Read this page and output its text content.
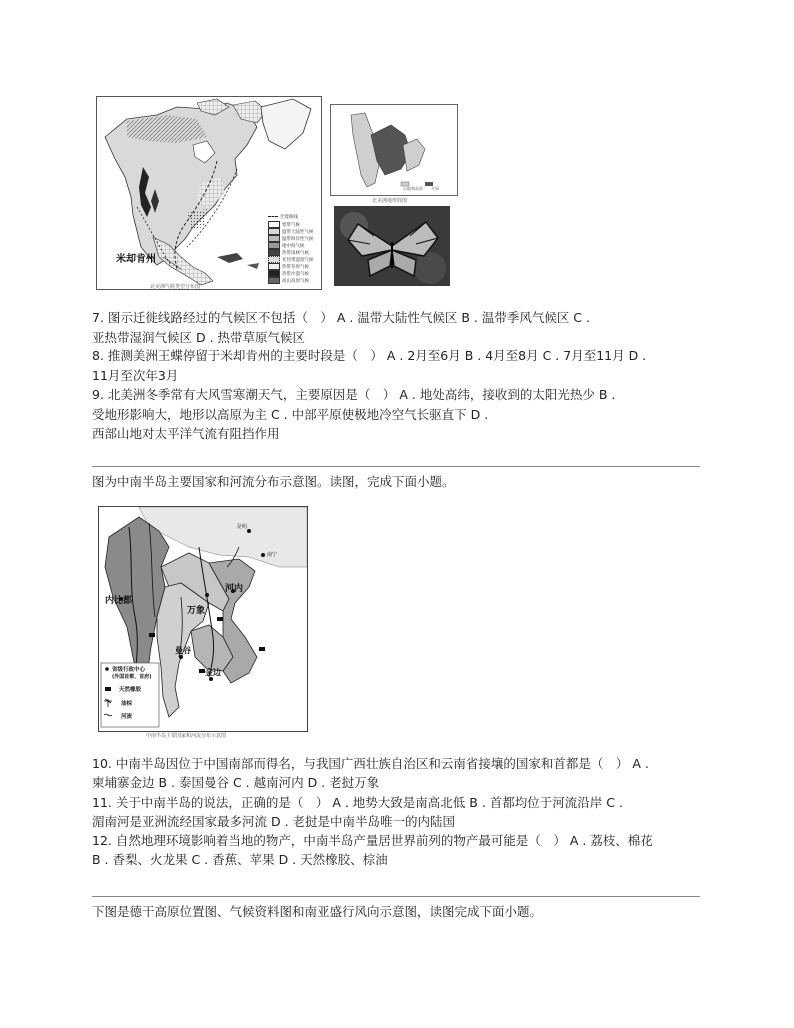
米却肯州
北美洲气候类型分布图
迁徙路线
寒带气候
温带大陆性气候
温带海洋性气候
地中海气候
热带雨林气候
亚热带湿润气候
热带草原气候
热带沙漠气候
高山高原气候
山地和高原 平原
北美洲地形简图
7. 图示迁徙线路经过的气候区不包括（　） A . 温带大陆性气候区 B . 温带季风气候区 C .
亚热带湿润气候区 D . 热带草原气候区
8. 推测美洲王蝶停留于米却肯州的主要时段是（　） A . 2月至6月 B . 4月至8月 C . 7月至11月 D .
11月至次年3月
9. 北美洲冬季常有大风雪寒潮天气，主要原因是（　） A . 地处高纬，接收到的太阳光热少 B .
受地形影响大，地形以高原为主 C . 中部平原使极地冷空气长驱直下 D .
西部山地对太平洋气流有阻挡作用
图为中南半岛主要国家和河流分布示意图。读图，完成下面小题。
内比都
万象
河内
曼谷
金边
南宁
昆明
省级行政中心
(外国首都、首府)
天然橡胶
油棕
河流
中南半岛主要国家和河流分布示意图
10. 中南半岛因位于中国南部而得名，与我国广西壮族自治区和云南省接壤的国家和首都是（　） A .
柬埔寨金边 B . 泰国曼谷 C . 越南河内 D . 老挝万象
11. 关于中南半岛的说法，正确的是（　） A . 地势大致是南高北低 B . 首都均位于河流沿岸 C .
湄南河是亚洲流经国家最多河流 D . 老挝是中南半岛唯一的内陆国
12. 自然地理环境影响着当地的物产，中南半岛产量居世界前列的物产最可能是（　） A . 荔枝、棉花
B . 香梨、火龙果 C . 香蕉、苹果 D . 天然橡胶、棕油
下图是德干高原位置图、气候资料图和南亚盛行风向示意图，读图完成下面小题。
